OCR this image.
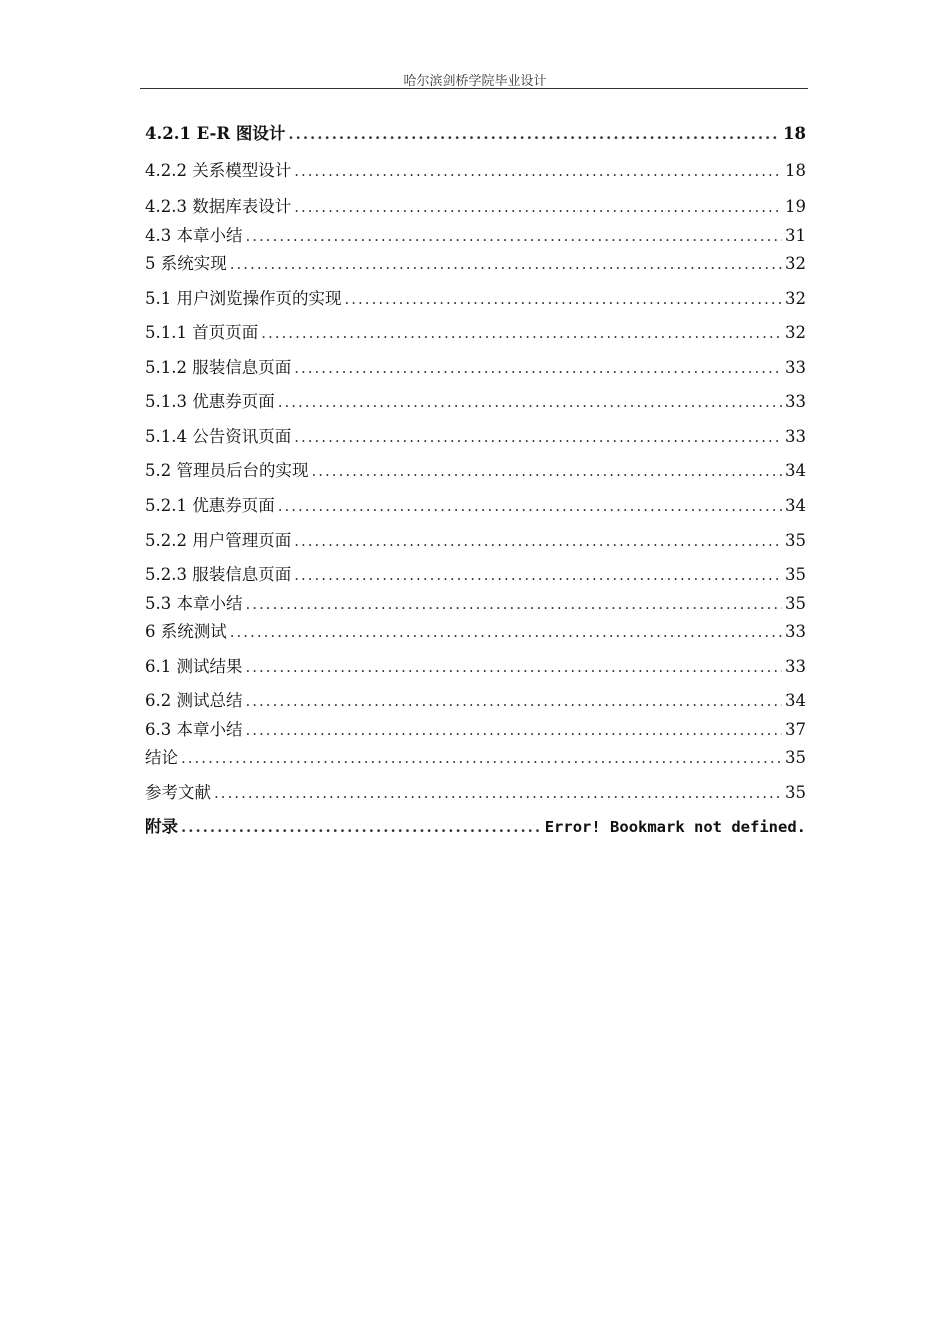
哈尔滨剑桥学院毕业设计
4.2.1 E-R 图设计 .....	18
4.2.2 关系模型设计 .....	18
4.2.3 数据库表设计 .....	19
4.3 本章小结 .....	31
5 系统实现 .....	32
5.1 用户浏览操作页的实现 .....	32
5.1.1 首页页面 .....	32
5.1.2 服装信息页面 .....	33
5.1.3 优惠券页面 .....	33
5.1.4 公告资讯页面 .....	33
5.2 管理员后台的实现 .....	34
5.2.1 优惠券页面 .....	34
5.2.2 用户管理页面 .....	35
5.2.3 服装信息页面 .....	35
5.3 本章小结 .....	35
6 系统测试 .....	33
6.1 测试结果 .....	33
6.2 测试总结 .....	34
6.3 本章小结 .....	37
结论 .....	35
参考文献 .....	35
附录 .....	Error! Bookmark not defined.
